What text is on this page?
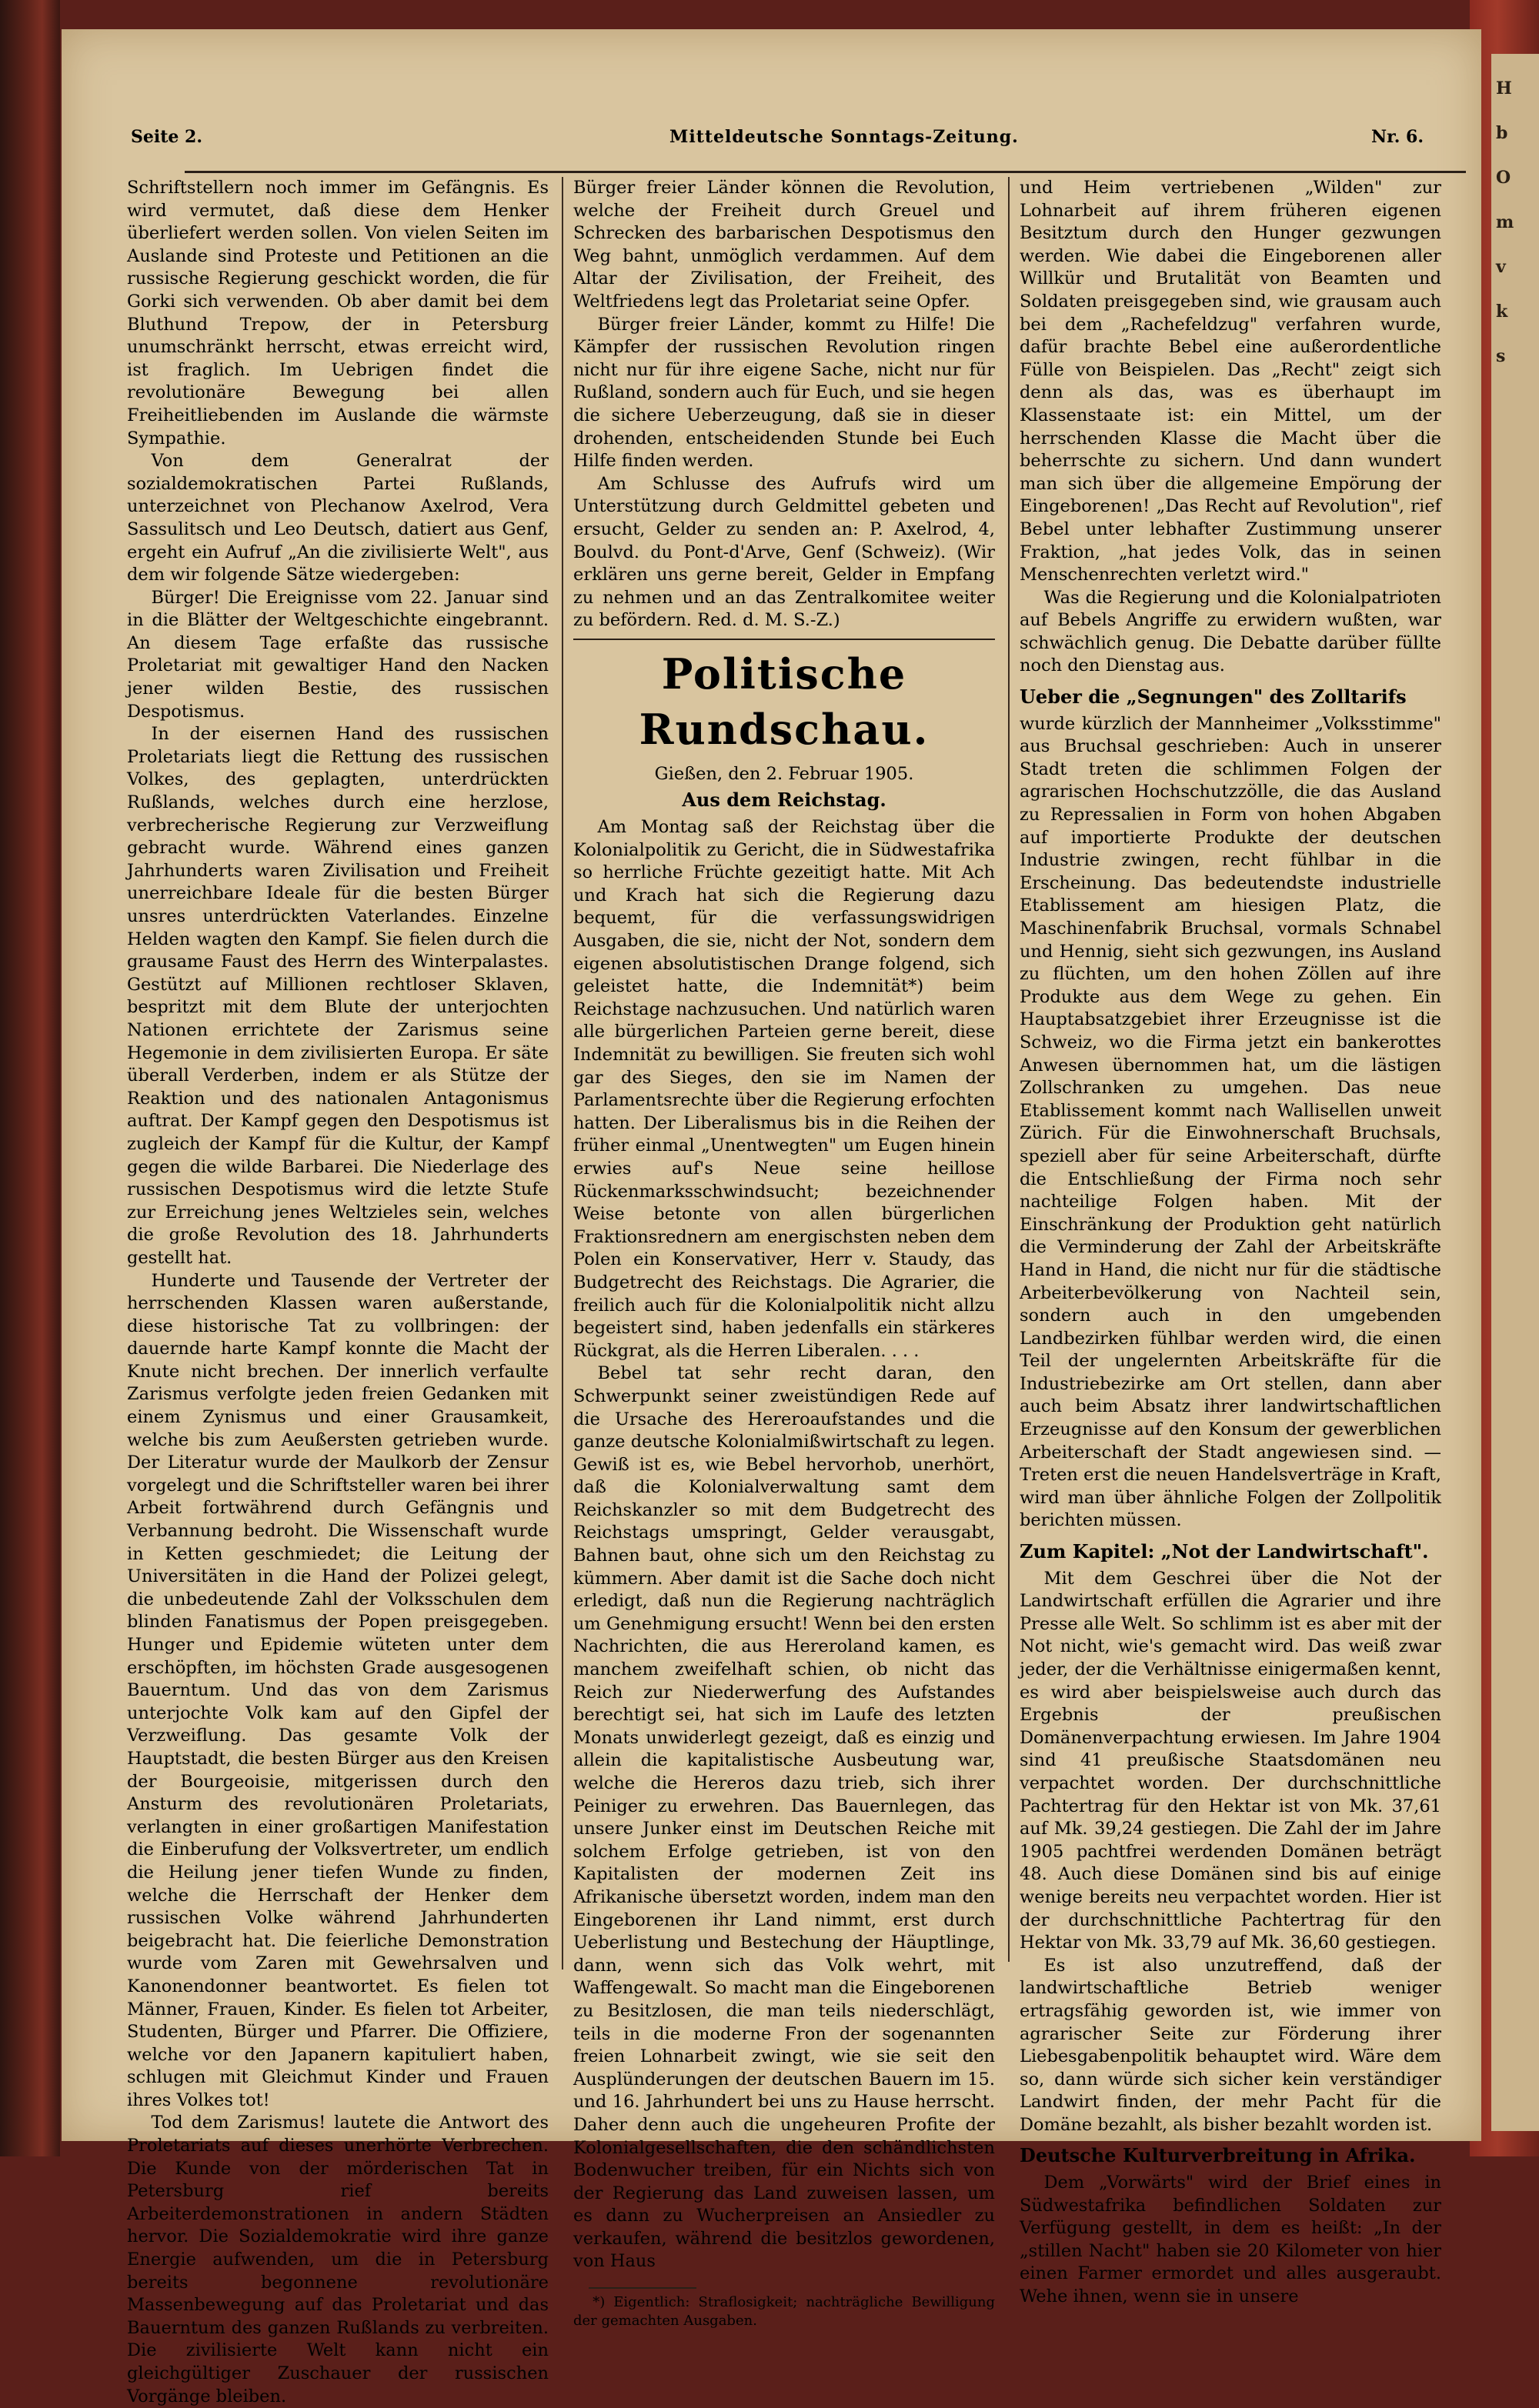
H
b
O
m
v
k
s
Seite 2.	Mitteldeutsche Sonntags-Zeitung.	Nr. 6.

Schriftstellern noch immer im Gefängnis. Es wird vermutet, daß diese dem Henker überliefert werden sollen. Von vielen Seiten im Auslande sind Proteste und Petitionen an die russische Regierung geschickt worden, die für Gorki sich verwenden. Ob aber damit bei dem Bluthund Trepow, der in Petersburg unumschränkt herrscht, etwas erreicht wird, ist fraglich. Im Uebrigen findet die revolutionäre Bewegung bei allen Freiheitliebenden im Auslande die wärmste Sympathie.

Von dem Generalrat der sozialdemokratischen Partei Rußlands, unterzeichnet von Plechanow Axelrod, Vera Sassulitsch und Leo Deutsch, datiert aus Genf, ergeht ein Aufruf „An die zivilisierte Welt", aus dem wir folgende Sätze wiedergeben:

Bürger! Die Ereignisse vom 22. Januar sind in die Blätter der Weltgeschichte eingebrannt. An diesem Tage erfaßte das russische Proletariat mit gewaltiger Hand den Nacken jener wilden Bestie, des russischen Despotismus.

In der eisernen Hand des russischen Proletariats liegt die Rettung des russischen Volkes, des geplagten, unterdrückten Rußlands, welches durch eine herzlose, verbrecherische Regierung zur Verzweiflung gebracht wurde. Während eines ganzen Jahrhunderts waren Zivilisation und Freiheit unerreichbare Ideale für die besten Bürger unsres unterdrückten Vaterlandes. Einzelne Helden wagten den Kampf. Sie fielen durch die grausame Faust des Herrn des Winterpalastes. Gestützt auf Millionen rechtloser Sklaven, bespritzt mit dem Blute der unterjochten Nationen errichtete der Zarismus seine Hegemonie in dem zivilisierten Europa. Er säte überall Verderben, indem er als Stütze der Reaktion und des nationalen Antagonismus auftrat. Der Kampf gegen den Despotismus ist zugleich der Kampf für die Kultur, der Kampf gegen die wilde Barbarei. Die Niederlage des russischen Despotismus wird die letzte Stufe zur Erreichung jenes Weltzieles sein, welches die große Revolution des 18. Jahrhunderts gestellt hat.

Hunderte und Tausende der Vertreter der herrschenden Klassen waren außerstande, diese historische Tat zu vollbringen: der dauernde harte Kampf konnte die Macht der Knute nicht brechen. Der innerlich verfaulte Zarismus verfolgte jeden freien Gedanken mit einem Zynismus und einer Grausamkeit, welche bis zum Aeußersten getrieben wurde. Der Literatur wurde der Maulkorb der Zensur vorgelegt und die Schriftsteller waren bei ihrer Arbeit fortwährend durch Gefängnis und Verbannung bedroht. Die Wissenschaft wurde in Ketten geschmiedet; die Leitung der Universitäten in die Hand der Polizei gelegt, die unbedeutende Zahl der Volksschulen dem blinden Fanatismus der Popen preisgegeben. Hunger und Epidemie wüteten unter dem erschöpften, im höchsten Grade ausgesogenen Bauerntum. Und das von dem Zarismus unterjochte Volk kam auf den Gipfel der Verzweiflung. Das gesamte Volk der Hauptstadt, die besten Bürger aus den Kreisen der Bourgeoisie, mitgerissen durch den Ansturm des revolutionären Proletariats, verlangten in einer großartigen Manifestation die Einberufung der Volksvertreter, um endlich die Heilung jener tiefen Wunde zu finden, welche die Herrschaft der Henker dem russischen Volke während Jahrhunderten beigebracht hat. Die feierliche Demonstration wurde vom Zaren mit Gewehrsalven und Kanonendonner beantwortet. Es fielen tot Männer, Frauen, Kinder. Es fielen tot Arbeiter, Studenten, Bürger und Pfarrer. Die Offiziere, welche vor den Japanern kapituliert haben, schlugen mit Gleichmut Kinder und Frauen ihres Volkes tot!

Tod dem Zarismus! lautete die Antwort des Proletariats auf dieses unerhörte Verbrechen. Die Kunde von der mörderischen Tat in Petersburg rief bereits Arbeiterdemonstrationen in andern Städten hervor. Die Sozialdemokratie wird ihre ganze Energie aufwenden, um die in Petersburg bereits begonnene revolutionäre Massenbewegung auf das Proletariat und das Bauerntum des ganzen Rußlands zu verbreiten. Die zivilisierte Welt kann nicht ein gleichgültiger Zuschauer der russischen Vorgänge bleiben.

Bürger freier Länder können die Revolution, welche der Freiheit durch Greuel und Schrecken des barbarischen Despotismus den Weg bahnt, unmöglich verdammen. Auf dem Altar der Zivilisation, der Freiheit, des Weltfriedens legt das Proletariat seine Opfer.

Bürger freier Länder, kommt zu Hilfe! Die Kämpfer der russischen Revolution ringen nicht nur für ihre eigene Sache, nicht nur für Rußland, sondern auch für Euch, und sie hegen die sichere Ueberzeugung, daß sie in dieser drohenden, entscheidenden Stunde bei Euch Hilfe finden werden.

Am Schlusse des Aufrufs wird um Unterstützung durch Geldmittel gebeten und ersucht, Gelder zu senden an: P. Axelrod, 4, Boulvd. du Pont-d'Arve, Genf (Schweiz). (Wir erklären uns gerne bereit, Gelder in Empfang zu nehmen und an das Zentralkomitee weiter zu befördern. Red. d. M. S.-Z.)

Politische Rundschau.
Gießen, den 2. Februar 1905.
Aus dem Reichstag.

Am Montag saß der Reichstag über die Kolonialpolitik zu Gericht, die in Südwestafrika so herrliche Früchte gezeitigt hatte. Mit Ach und Krach hat sich die Regierung dazu bequemt, für die verfassungswidrigen Ausgaben, die sie, nicht der Not, sondern dem eigenen absolutistischen Drange folgend, sich geleistet hatte, die Indemnität*) beim Reichstage nachzusuchen. Und natürlich waren alle bürgerlichen Parteien gerne bereit, diese Indemnität zu bewilligen. Sie freuten sich wohl gar des Sieges, den sie im Namen der Parlamentsrechte über die Regierung erfochten hatten. Der Liberalismus bis in die Reihen der früher einmal „Unentwegten" um Eugen hinein erwies auf's Neue seine heillose Rückenmarksschwindsucht; bezeichnender Weise betonte von allen bürgerlichen Fraktionsrednern am energischsten neben dem Polen ein Konservativer, Herr v. Staudy, das Budgetrecht des Reichstags. Die Agrarier, die freilich auch für die Kolonialpolitik nicht allzu begeistert sind, haben jedenfalls ein stärkeres Rückgrat, als die Herren Liberalen. . . .

Bebel tat sehr recht daran, den Schwerpunkt seiner zweistündigen Rede auf die Ursache des Hereroaufstandes und die ganze deutsche Kolonialmißwirtschaft zu legen. Gewiß ist es, wie Bebel hervorhob, unerhört, daß die Kolonialverwaltung samt dem Reichskanzler so mit dem Budgetrecht des Reichstags umspringt, Gelder verausgabt, Bahnen baut, ohne sich um den Reichstag zu kümmern. Aber damit ist die Sache doch nicht erledigt, daß nun die Regierung nachträglich um Genehmigung ersucht! Wenn bei den ersten Nachrichten, die aus Hereroland kamen, es manchem zweifelhaft schien, ob nicht das Reich zur Niederwerfung des Aufstandes berechtigt sei, hat sich im Laufe des letzten Monats unwiderlegt gezeigt, daß es einzig und allein die kapitalistische Ausbeutung war, welche die Hereros dazu trieb, sich ihrer Peiniger zu erwehren. Das Bauernlegen, das unsere Junker einst im Deutschen Reiche mit solchem Erfolge getrieben, ist von den Kapitalisten der modernen Zeit ins Afrikanische übersetzt worden, indem man den Eingeborenen ihr Land nimmt, erst durch Ueberlistung und Bestechung der Häuptlinge, dann, wenn sich das Volk wehrt, mit Waffengewalt. So macht man die Eingeborenen zu Besitzlosen, die man teils niederschlägt, teils in die moderne Fron der sogenannten freien Lohnarbeit zwingt, wie sie seit den Ausplünderungen der deutschen Bauern im 15. und 16. Jahrhundert bei uns zu Hause herrscht. Daher denn auch die ungeheuren Profite der Kolonialgesellschaften, die den schändlichsten Bodenwucher treiben, für ein Nichts sich von der Regierung das Land zuweisen lassen, um es dann zu Wucherpreisen an Ansiedler zu verkaufen, während die besitzlos gewordenen, von Haus

*) Eigentlich: Straflosigkeit; nachträgliche Bewilligung der gemachten Ausgaben.

und Heim vertriebenen „Wilden" zur Lohnarbeit auf ihrem früheren eigenen Besitztum durch den Hunger gezwungen werden. Wie dabei die Eingeborenen aller Willkür und Brutalität von Beamten und Soldaten preisgegeben sind, wie grausam auch bei dem „Rachefeldzug" verfahren wurde, dafür brachte Bebel eine außerordentliche Fülle von Beispielen. Das „Recht" zeigt sich denn als das, was es überhaupt im Klassenstaate ist: ein Mittel, um der herrschenden Klasse die Macht über die beherrschte zu sichern. Und dann wundert man sich über die allgemeine Empörung der Eingeborenen! „Das Recht auf Revolution", rief Bebel unter lebhafter Zustimmung unserer Fraktion, „hat jedes Volk, das in seinen Menschenrechten verletzt wird."

Was die Regierung und die Kolonialpatrioten auf Bebels Angriffe zu erwidern wußten, war schwächlich genug. Die Debatte darüber füllte noch den Dienstag aus.

Ueber die „Segnungen" des Zolltarifs

wurde kürzlich der Mannheimer „Volksstimme" aus Bruchsal geschrieben: Auch in unserer Stadt treten die schlimmen Folgen der agrarischen Hochschutzzölle, die das Ausland zu Repressalien in Form von hohen Abgaben auf importierte Produkte der deutschen Industrie zwingen, recht fühlbar in die Erscheinung. Das bedeutendste industrielle Etablissement am hiesigen Platz, die Maschinenfabrik Bruchsal, vormals Schnabel und Hennig, sieht sich gezwungen, ins Ausland zu flüchten, um den hohen Zöllen auf ihre Produkte aus dem Wege zu gehen. Ein Hauptabsatzgebiet ihrer Erzeugnisse ist die Schweiz, wo die Firma jetzt ein bankerottes Anwesen übernommen hat, um die lästigen Zollschranken zu umgehen. Das neue Etablissement kommt nach Wallisellen unweit Zürich. Für die Einwohnerschaft Bruchsals, speziell aber für seine Arbeiterschaft, dürfte die Entschließung der Firma noch sehr nachteilige Folgen haben. Mit der Einschränkung der Produktion geht natürlich die Verminderung der Zahl der Arbeitskräfte Hand in Hand, die nicht nur für die städtische Arbeiterbevölkerung von Nachteil sein, sondern auch in den umgebenden Landbezirken fühlbar werden wird, die einen Teil der ungelernten Arbeitskräfte für die Industriebezirke am Ort stellen, dann aber auch beim Absatz ihrer landwirtschaftlichen Erzeugnisse auf den Konsum der gewerblichen Arbeiterschaft der Stadt angewiesen sind. — Treten erst die neuen Handelsverträge in Kraft, wird man über ähnliche Folgen der Zollpolitik berichten müssen.

Zum Kapitel: „Not der Landwirtschaft".

Mit dem Geschrei über die Not der Landwirtschaft erfüllen die Agrarier und ihre Presse alle Welt. So schlimm ist es aber mit der Not nicht, wie's gemacht wird. Das weiß zwar jeder, der die Verhältnisse einigermaßen kennt, es wird aber beispielsweise auch durch das Ergebnis der preußischen Domänenverpachtung erwiesen. Im Jahre 1904 sind 41 preußische Staatsdomänen neu verpachtet worden. Der durchschnittliche Pachtertrag für den Hektar ist von Mk. 37,61 auf Mk. 39,24 gestiegen. Die Zahl der im Jahre 1905 pachtfrei werdenden Domänen beträgt 48. Auch diese Domänen sind bis auf einige wenige bereits neu verpachtet worden. Hier ist der durchschnittliche Pachtertrag für den Hektar von Mk. 33,79 auf Mk. 36,60 gestiegen.

Es ist also unzutreffend, daß der landwirtschaftliche Betrieb weniger ertragsfähig geworden ist, wie immer von agrarischer Seite zur Förderung ihrer Liebesgabenpolitik behauptet wird. Wäre dem so, dann würde sich sicher kein verständiger Landwirt finden, der mehr Pacht für die Domäne bezahlt, als bisher bezahlt worden ist.

Deutsche Kulturverbreitung in Afrika.

Dem „Vorwärts" wird der Brief eines in Südwestafrika befindlichen Soldaten zur Verfügung gestellt, in dem es heißt: „In der „stillen Nacht" haben sie 20 Kilometer von hier einen Farmer ermordet und alles ausgeraubt. Wehe ihnen, wenn sie in unsere
